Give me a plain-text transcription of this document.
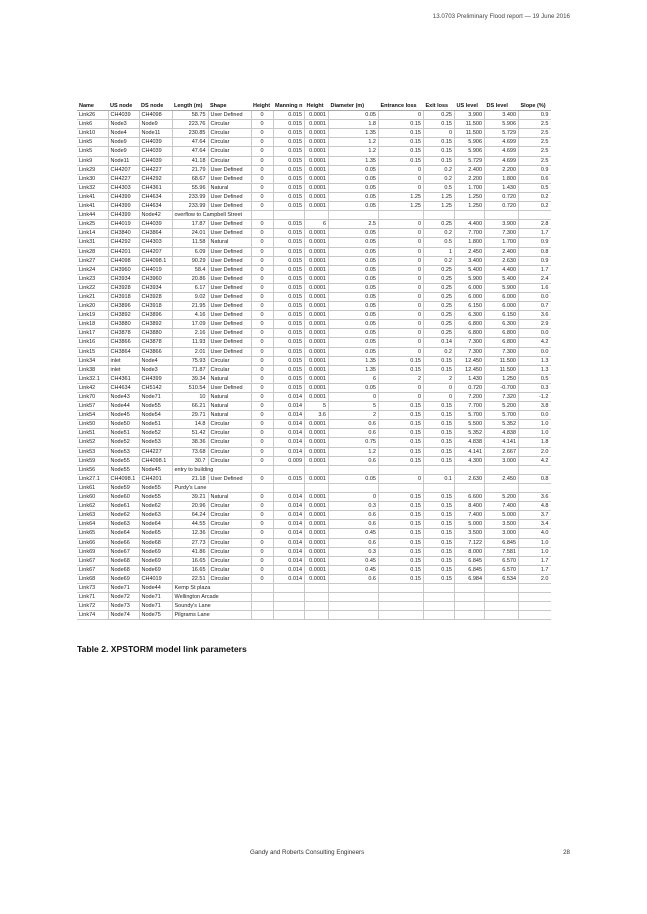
13.0703 Preliminary Flood report — 19 June 2016
Name	US node	DS node	Length (m)	Shape	Height	Manning n	Height	Diameter (m)	Entrance loss	Exit loss	US level	DS level	Slope (%)
Link26	CH4039	CH4098	58.75	User Defined	0	0.015	0.0001	0.05	0	0.25	3.900	3.400	0.9
Link6	Node3	Node9	223.76	Circular	0	0.015	0.0001	1.8	0.15	0.15	11.500	5.906	2.5
Link10	Node4	Node11	230.85	Circular	0	0.015	0.0001	1.35	0.15	0	11.500	5.729	2.5
Link5	Node9	CH4039	47.64	Circular	0	0.015	0.0001	1.2	0.15	0.15	5.906	4.699	2.5
Link5	Node9	CH4039	47.64	Circular	0	0.015	0.0001	1.2	0.15	0.15	5.906	4.699	2.5
Link9	Node11	CH4039	41.18	Circular	0	0.015	0.0001	1.35	0.15	0.15	5.729	4.699	2.5
Link29	CH4207	CH4227	21.79	User Defined	0	0.015	0.0001	0.05	0	0.2	2.400	2.200	0.9
Link30	CH4227	CH4292	68.67	User Defined	0	0.015	0.0001	0.05	0	0.2	2.200	1.800	0.6
Link32	CH4303	CH4361	55.96	Natural	0	0.015	0.0001	0.05	0	0.5	1.700	1.430	0.5
Link41	CH4399	CH4634	233.99	User Defined	0	0.015	0.0001	0.05	1.25	1.25	1.250	0.720	0.2
Link41	CH4399	CH4634	233.99	User Defined	0	0.015	0.0001	0.05	1.25	1.25	1.250	0.720	0.2
Link44	CH4399	Node42	overflow to Campbell Street										
Link25	CH4019	CH4039	17.87	User Defined	0	0.015	6	2.5	0	0.25	4.400	3.900	2.8
Link14	CH3840	CH3864	24.01	User Defined	0	0.015	0.0001	0.05	0	0.2	7.700	7.300	1.7
Link31	CH4292	CH4303	11.58	Natural	0	0.015	0.0001	0.05	0	0.5	1.800	1.700	0.9
Link28	CH4201	CH4207	6.09	User Defined	0	0.015	0.0001	0.05	0	1	2.450	2.400	0.8
Link27	CH4098	CH4098.1	90.29	User Defined	0	0.015	0.0001	0.05	0	0.2	3.400	2.630	0.9
Link24	CH3960	CH4019	58.4	User Defined	0	0.015	0.0001	0.05	0	0.25	5.400	4.400	1.7
Link23	CH3934	CH3960	20.86	User Defined	0	0.015	0.0001	0.05	0	0.25	5.900	5.400	2.4
Link22	CH3928	CH3934	6.17	User Defined	0	0.015	0.0001	0.05	0	0.25	6.000	5.900	1.6
Link21	CH3918	CH3928	9.02	User Defined	0	0.015	0.0001	0.05	0	0.25	6.000	6.000	0.0
Link20	CH3896	CH3918	21.95	User Defined	0	0.015	0.0001	0.05	0	0.25	6.150	6.000	0.7
Link19	CH3892	CH3896	4.16	User Defined	0	0.015	0.0001	0.05	0	0.25	6.300	6.150	3.6
Link18	CH3880	CH3892	17.09	User Defined	0	0.015	0.0001	0.05	0	0.25	6.800	6.300	2.9
Link17	CH3878	CH3880	2.16	User Defined	0	0.015	0.0001	0.05	0	0.25	6.800	6.800	0.0
Link16	CH3866	CH3878	11.93	User Defined	0	0.015	0.0001	0.05	0	0.14	7.300	6.800	4.2
Link15	CH3864	CH3866	2.01	User Defined	0	0.015	0.0001	0.05	0	0.2	7.300	7.300	0.0
Link34	inlet	Node4	75.93	Circular	0	0.015	0.0001	1.35	0.15	0.15	12.450	11.500	1.3
Link38	inlet	Node3	71.87	Circular	0	0.015	0.0001	1.35	0.15	0.15	12.450	11.500	1.3
Link32.1	CH4361	CH4399	39.34	Natural	0	0.015	0.0001	6	2	2	1.430	1.250	0.5
Link42	CH4634	CH5142	510.54	User Defined	0	0.015	0.0001	0.05	0	0	0.720	-0.700	0.3
Link70	Node43	Node71	10	Natural	0	0.014	0.0001	0	0	0	7.200	7.320	-1.2
Link57	Node44	Node55	66.21	Natural	0	0.014	5	5	0.15	0.15	7.700	5.200	3.8
Link54	Node45	Node54	29.71	Natural	0	0.014	3.6	2	0.15	0.15	5.700	5.700	0.0
Link50	Node50	Node51	14.8	Circular	0	0.014	0.0001	0.6	0.15	0.15	5.500	5.352	1.0
Link51	Node51	Node52	51.42	Circular	0	0.014	0.0001	0.6	0.15	0.15	5.352	4.838	1.0
Link52	Node52	Node53	38.36	Circular	0	0.014	0.0001	0.75	0.15	0.15	4.838	4.141	1.8
Link53	Node53	CH4227	73.68	Circular	0	0.014	0.0001	1.2	0.15	0.15	4.141	2.667	2.0
Link59	Node55	CH4098.1	30.7	Circular	0	0.009	0.0001	0.6	0.15	0.15	4.300	3.000	4.2
Link56	Node55	Node45	entry to building										
Link27.1	CH4098.1	CH4201	21.18	User Defined	0	0.015	0.0001	0.05	0	0.1	2.630	2.450	0.8
Link61	Node59	Node55	Purdy's Lane										
Link60	Node60	Node55	39.21	Natural	0	0.014	0.0001	0	0.15	0.15	6.600	5.200	3.6
Link62	Node61	Node62	20.96	Circular	0	0.014	0.0001	0.3	0.15	0.15	8.400	7.400	4.8
Link63	Node62	Node63	64.24	Circular	0	0.014	0.0001	0.6	0.15	0.15	7.400	5.000	3.7
Link64	Node63	Node64	44.55	Circular	0	0.014	0.0001	0.6	0.15	0.15	5.000	3.500	3.4
Link65	Node64	Node65	12.36	Circular	0	0.014	0.0001	0.45	0.15	0.15	3.500	3.000	4.0
Link66	Node66	Node68	27.73	Circular	0	0.014	0.0001	0.6	0.15	0.15	7.122	6.845	1.0
Link69	Node67	Node69	41.86	Circular	0	0.014	0.0001	0.3	0.15	0.15	8.000	7.581	1.0
Link67	Node68	Node69	16.65	Circular	0	0.014	0.0001	0.45	0.15	0.15	6.845	6.570	1.7
Link67	Node68	Node69	16.65	Circular	0	0.014	0.0001	0.45	0.15	0.15	6.845	6.570	1.7
Link68	Node69	CH4019	22.51	Circular	0	0.014	0.0001	0.6	0.15	0.15	6.984	6.534	2.0
Link73	Node71	Node44	Kemp St plaza										
Link71	Node72	Node71	Wellington Arcade										
Link72	Node73	Node71	Soundy's Lane										
Link74	Node74	Node75	Pilgrams Lane										
Table 2. XPSTORM model link parameters
Gandy and Roberts Consulting Engineers	28
